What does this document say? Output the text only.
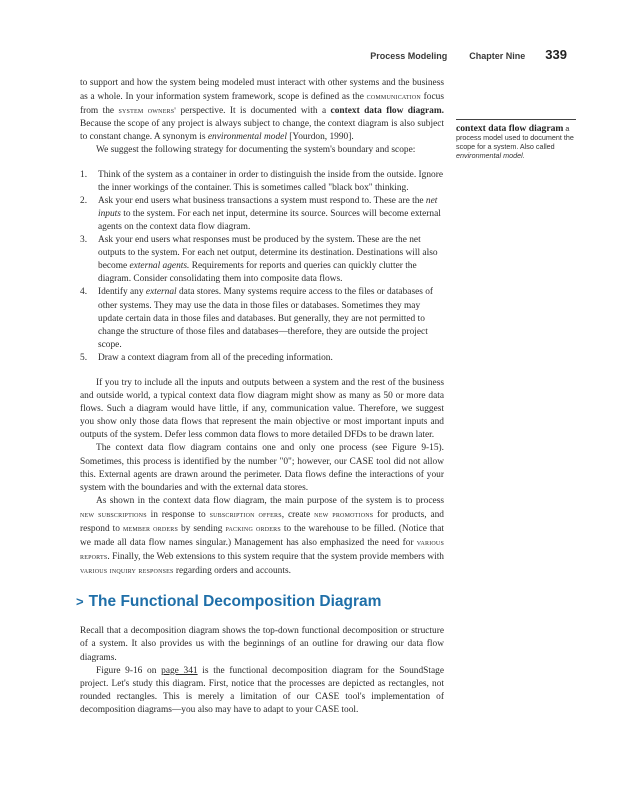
Process Modeling Chapter Nine 339
context data flow diagram a process model used to document the scope for a system. Also called environmental model.

to support and how the system being modeled must interact with other systems and the business as a whole. In your information system framework, scope is defined as the communication focus from the system owners' perspective. It is documented with a context data flow diagram. Because the scope of any project is always subject to change, the context diagram is also subject to constant change. A synonym is environmental model [Yourdon, 1990].

We suggest the following strategy for documenting the system's boundary and scope:

1. Think of the system as a container in order to distinguish the inside from the outside. Ignore the inner workings of the container. This is sometimes called "black box" thinking.
2. Ask your end users what business transactions a system must respond to. These are the net inputs to the system. For each net input, determine its source. Sources will become external agents on the context data flow diagram.
3. Ask your end users what responses must be produced by the system. These are the net outputs to the system. For each net output, determine its destination. Destinations will also become external agents. Requirements for reports and queries can quickly clutter the diagram. Consider consolidating them into composite data flows.
4. Identify any external data stores. Many systems require access to the files or databases of other systems. They may use the data in those files or databases. Sometimes they may update certain data in those files and databases. But generally, they are not permitted to change the structure of those files and databases—therefore, they are outside the project scope.
5. Draw a context diagram from all of the preceding information.

If you try to include all the inputs and outputs between a system and the rest of the business and outside world, a typical context data flow diagram might show as many as 50 or more data flows. Such a diagram would have little, if any, communication value. Therefore, we suggest you show only those data flows that represent the main objective or most important inputs and outputs of the system. Defer less common data flows to more detailed DFDs to be drawn later.

The context data flow diagram contains one and only one process (see Figure 9-15). Sometimes, this process is identified by the number "0"; however, our CASE tool did not allow this. External agents are drawn around the perimeter. Data flows define the interactions of your system with the boundaries and with the external data stores.

As shown in the context data flow diagram, the main purpose of the system is to process new subscriptions in response to subscription offers, create new promotions for products, and respond to member orders by sending packing orders to the warehouse to be filled. (Notice that we made all data flow names singular.) Management has also emphasized the need for various reports. Finally, the Web extensions to this system require that the system provide members with various inquiry responses regarding orders and accounts.

> The Functional Decomposition Diagram

Recall that a decomposition diagram shows the top-down functional decomposition or structure of a system. It also provides us with the beginnings of an outline for drawing our data flow diagrams.

Figure 9-16 on page 341 is the functional decomposition diagram for the SoundStage project. Let's study this diagram. First, notice that the processes are depicted as rectangles, not rounded rectangles. This is merely a limitation of our CASE tool's implementation of decomposition diagrams—you also may have to adapt to your CASE tool.
